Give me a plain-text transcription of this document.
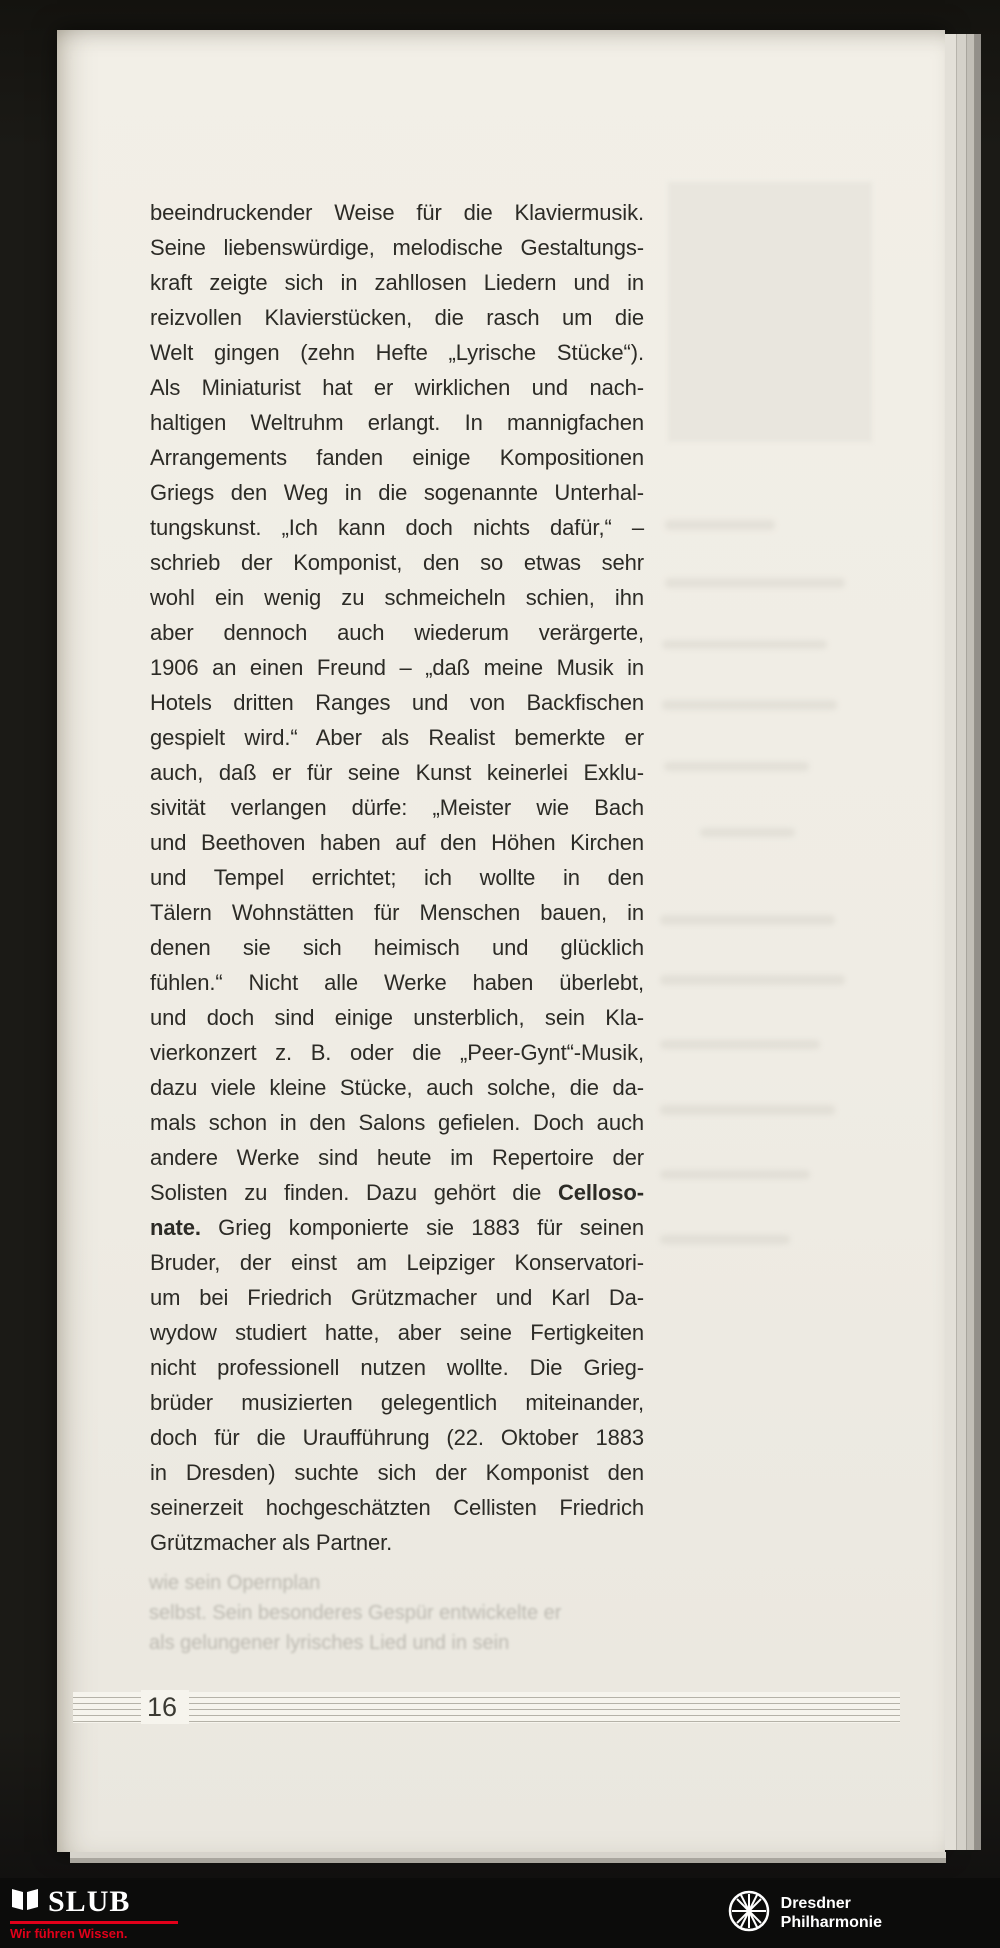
beeindruckender Weise für die Klaviermusik.
Seine liebenswürdige, melodische Gestaltungs-
kraft zeigte sich in zahllosen Liedern und in
reizvollen Klavierstücken, die rasch um die
Welt gingen (zehn Hefte „Lyrische Stücke“).
Als Miniaturist hat er wirklichen und nach-
haltigen Weltruhm erlangt. In mannigfachen
Arrangements fanden einige Kompositionen
Griegs den Weg in die sogenannte Unterhal-
tungskunst. „Ich kann doch nichts dafür,“ –
schrieb der Komponist, den so etwas sehr
wohl ein wenig zu schmeicheln schien, ihn
aber dennoch auch wiederum verärgerte,
1906 an einen Freund – „daß meine Musik in
Hotels dritten Ranges und von Backfischen
gespielt wird.“ Aber als Realist bemerkte er
auch, daß er für seine Kunst keinerlei Exklu-
sivität verlangen dürfe: „Meister wie Bach
und Beethoven haben auf den Höhen Kirchen
und Tempel errichtet; ich wollte in den
Tälern Wohnstätten für Menschen bauen, in
denen sie sich heimisch und glücklich
fühlen.“ Nicht alle Werke haben überlebt,
und doch sind einige unsterblich, sein Kla-
vierkonzert z. B. oder die „Peer-Gynt“-Musik,
dazu viele kleine Stücke, auch solche, die da-
mals schon in den Salons gefielen. Doch auch
andere Werke sind heute im Repertoire der
Solisten zu finden. Dazu gehört die Celloso-
nate. Grieg komponierte sie 1883 für seinen
Bruder, der einst am Leipziger Konservatori-
um bei Friedrich Grützmacher und Karl Da-
wydow studiert hatte, aber seine Fertigkeiten
nicht professionell nutzen wollte. Die Grieg-
brüder musizierten gelegentlich miteinander,
doch für die Uraufführung (22. Oktober 1883
in Dresden) suchte sich der Komponist den
seinerzeit hochgeschätzten Cellisten Friedrich
Grützmacher als Partner.
wie sein Opernplan
selbst. Sein besonderes Gespür entwickelte er
als gelungener lyrisches Lied und in sein
16
SLUB
Wir führen Wissen.
Dresdner
Philharmonie
